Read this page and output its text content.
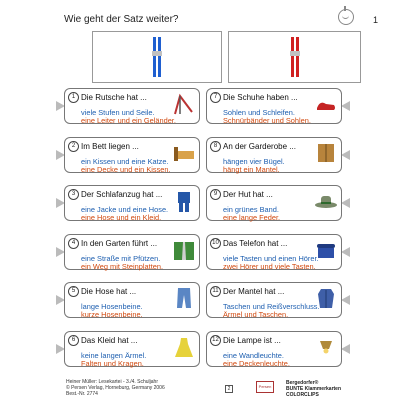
Wie geht der Satz weiter?	1
1 Die Rutsche hat ...
viele Stufen und Seile.
eine Leiter und ein Geländer.
2 Im Bett liegen ...
ein Kissen und eine Katze.
eine Decke und ein Kissen.
3 Der Schlafanzug hat ...
eine Jacke und eine Hose.
eine Hose und ein Kleid.
4 In den Garten führt ...
eine Straße mit Pfützen.
ein Weg mit Steinplatten.
5 Die Hose hat ...
lange Hosenbeine.
kurze Hosenbeine.
6 Das Kleid hat ...
keine langen Ärmel.
Falten und Kragen.
7 Die Schuhe haben ...
Sohlen und Schleifen.
Schnürbänder und Sohlen.
8 An der Garderobe ...
hängen vier Bügel.
hängt ein Mantel.
9 Der Hut hat ...
ein grünes Band.
eine lange Feder.
10 Das Telefon hat ...
viele Tasten und einen Hörer.
zwei Hörer und viele Tasten.
11 Der Mantel hat ...
Taschen und Reißverschluss.
Ärmel und Taschen.
12 Die Lampe ist ...
eine Wandleuchte.
eine Deckenleuchte.
Heiner Müller: Lesekartei - 3./4. Schuljahr
© Persen Verlag, Horneburg, Germany 2006
Best.-Nr. 2774
2	Persen
Bergedorfer®
BUNTE Klammerkarten
COLORCLIPS
